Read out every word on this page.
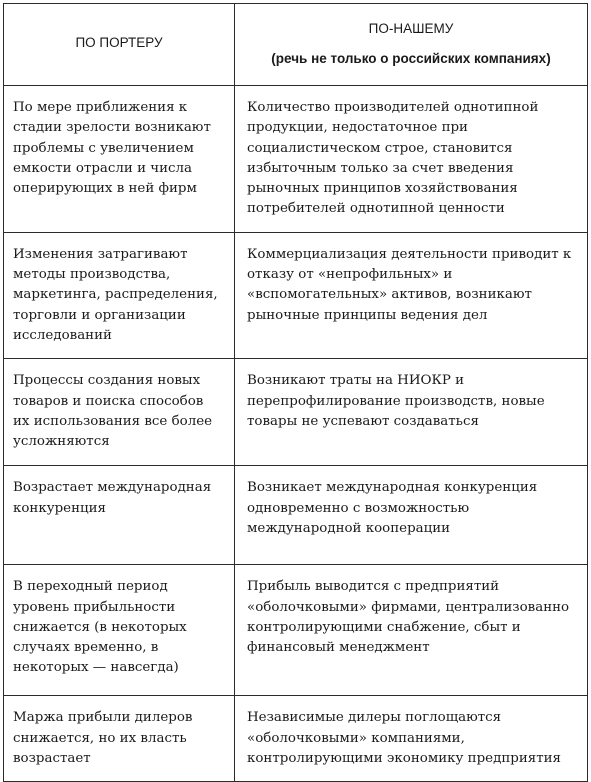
ПО ПОРТЕРУ	ПО-НАШЕМУ
(речь не только о российских компаниях)

По мере приближения к стадии зрелости возникают проблемы с увеличением емкости отрасли и числа оперирующих в ней фирм	Количество производителей однотипной продукции, недостаточное при социалистическом строе, становится избыточным только за счет введения рыночных принципов хозяйствования потребителей однотипной ценности
Изменения затрагивают методы производства, маркетинга, распределения, торговли и организации исследований	Коммерциализация деятельности приводит к отказу от «непрофильных» и «вспомогательных» активов, возникают рыночные принципы ведения дел
Процессы создания новых товаров и поиска способов их использования все более усложняются	Возникают траты на НИОКР и перепрофилирование производств, новые товары не успевают создаваться
Возрастает международная конкуренция	Возникает международная конкуренция одновременно с возможностью международной кооперации
В переходный период уровень прибыльности снижается (в некоторых случаях временно, в некоторых — навсегда)	Прибыль выводится с предприятий «оболочковыми» фирмами, централизованно контролирующими снабжение, сбыт и финансовый менеджмент
Маржа прибыли дилеров снижается, но их власть возрастает	Независимые дилеры поглощаются «оболочковыми» компаниями, контролирующими экономику предприятия
